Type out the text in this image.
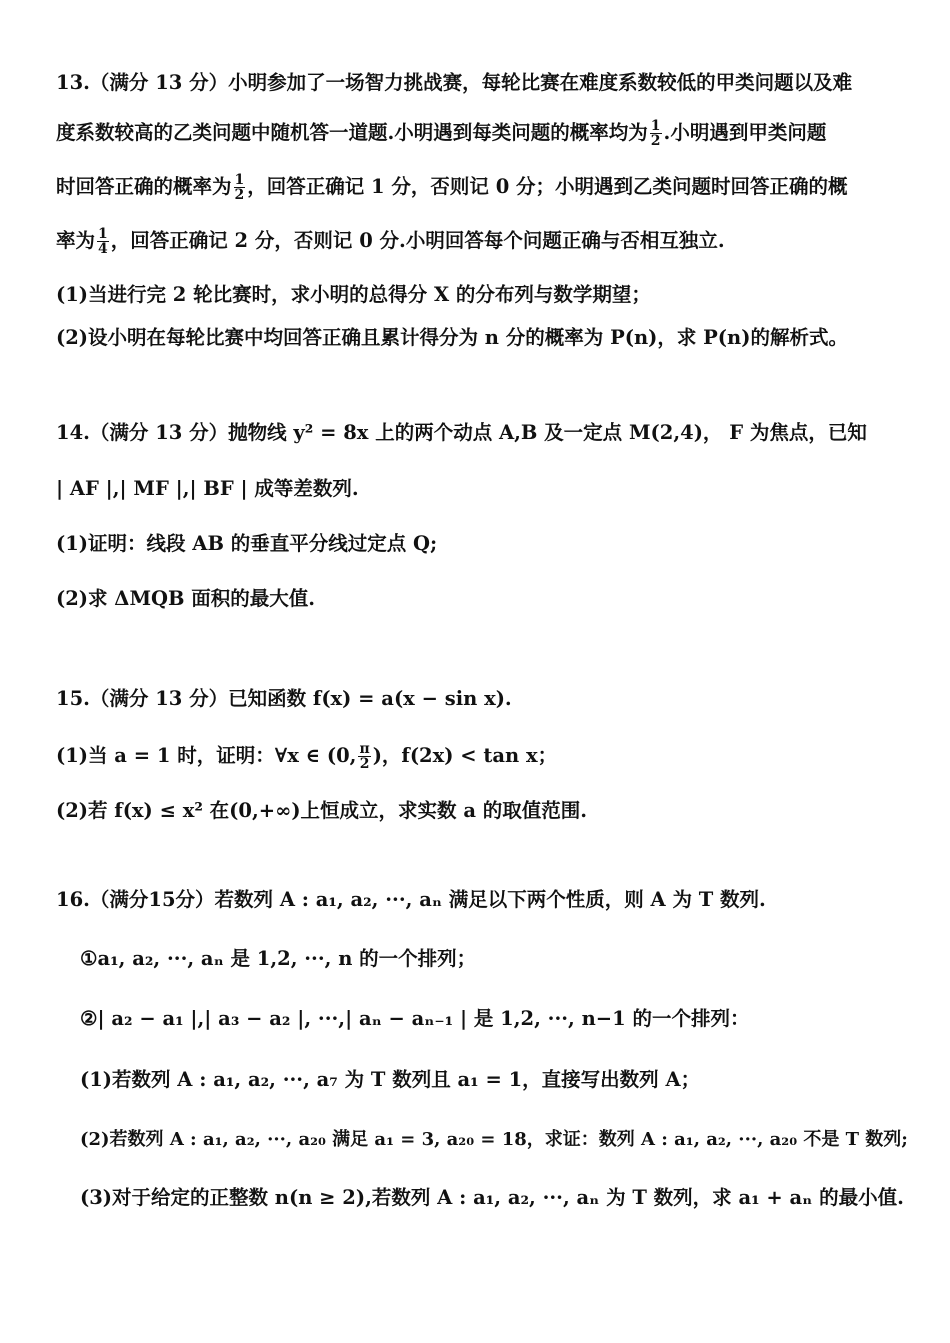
13.（满分 13 分）小明参加了一场智力挑战赛，每轮比赛在难度系数较低的甲类问题以及难
度系数较高的乙类问题中随机答一道题.小明遇到每类问题的概率均为 $\frac{1}{2}$ .小明遇到甲类问题
时回答正确的概率为 $\frac{1}{2}$ ，回答正确记 1 分，否则记 0 分；小明遇到乙类问题时回答正确的概
率为 $\frac{1}{4}$ ，回答正确记 2 分，否则记 0 分.小明回答每个问题正确与否相互独立.
(1)当进行完 2 轮比赛时，求小明的总得分 X 的分布列与数学期望；
(2)设小明在每轮比赛中均回答正确且累计得分为 n 分的概率为 P(n)，求 P(n)的解析式。
14.（满分 13 分）抛物线 y² = 8x 上的两个动点 A,B 及一定点 M(2,4)， F 为焦点，已知
| AF |,| MF |,| BF | 成等差数列.
(1)证明：线段 AB 的垂直平分线过定点 Q;
(2)求 ΔMQB 面积的最大值.
15.（满分 13 分）已知函数 f(x) = a(x − sin x).
(1)当 a = 1 时，证明：∀x ∈ (0, $\frac{\pi}{2}$ )，f(2x) < tan x；
(2)若 f(x) ≤ x² 在(0,+∞)上恒成立，求实数 a 的取值范围.
16.（满分15分）若数列 A : a₁, a₂, ···, aₙ 满足以下两个性质，则 A 为 T 数列.
①a₁, a₂, ···, aₙ 是 1,2, ···, n 的一个排列；
②| a₂ − a₁ |,| a₃ − a₂ |, ···,| aₙ − aₙ₋₁ | 是 1,2, ···, n−1 的一个排列：
(1)若数列 A : a₁, a₂, ···, a₇ 为 T 数列且 a₁ = 1，直接写出数列 A；
(2)若数列 A : a₁, a₂, ···, a₂₀ 满足 a₁ = 3, a₂₀ = 18，求证：数列 A : a₁, a₂, ···, a₂₀ 不是 T 数列;
(3)对于给定的正整数 n(n ≥ 2),若数列 A : a₁, a₂, ···, aₙ 为 T 数列，求 a₁ + aₙ 的最小值.
